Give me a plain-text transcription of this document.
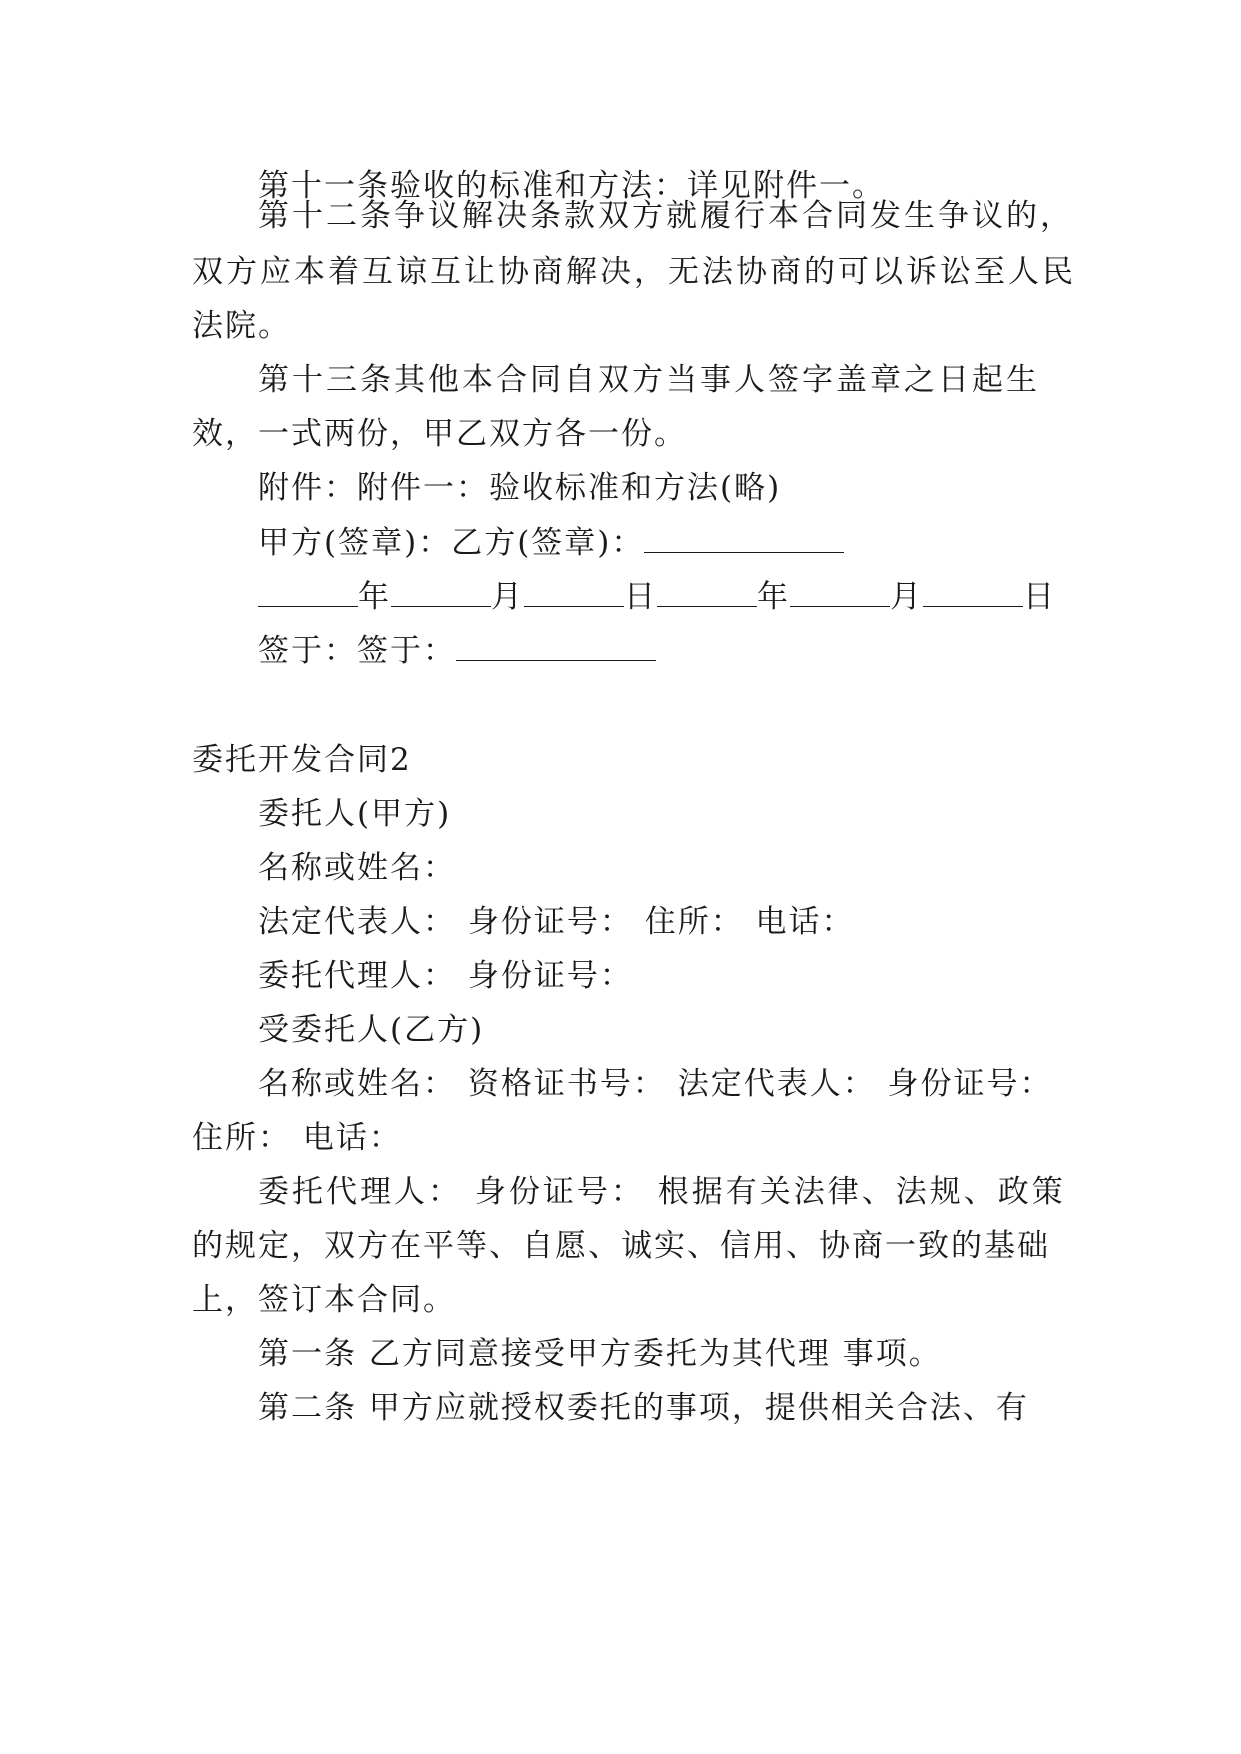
第十一条验收的标准和方法：详见附件一。
第十二条争议解决条款双方就履行本合同发生争议的，
双方应本着互谅互让协商解决，无法协商的可以诉讼至人民
法院。
第十三条其他本合同自双方当事人签字盖章之日起生
效，一式两份，甲乙双方各一份。
附件：附件一：验收标准和方法(略)
甲方(签章)：乙方(签章)：
年	月	日	年	月	日
签于：签于：
委托开发合同2
委托人(甲方)
名称或姓名：
法定代表人： 身份证号： 住所： 电话：
委托代理人： 身份证号：
受委托人(乙方)
名称或姓名： 资格证书号： 法定代表人： 身份证号：
住所： 电话：
委托代理人： 身份证号： 根据有关法律、法规、政策
的规定，双方在平等、自愿、诚实、信用、协商一致的基础
上，签订本合同。
第一条 乙方同意接受甲方委托为其代理 事项。
第二条 甲方应就授权委托的事项，提供相关合法、有
